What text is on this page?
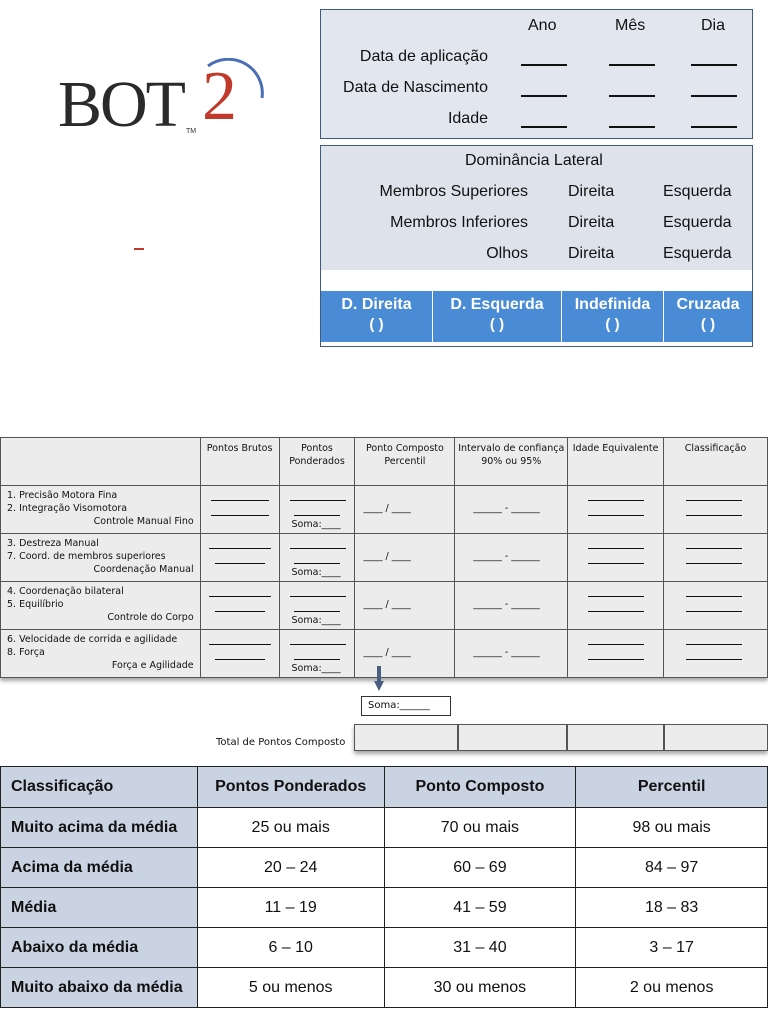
BOT 2
TM
Ano	Mês	Dia
Data de aplicação
Data de Nascimento
Idade
Dominância Lateral
Membros Superiores	Direita	Esquerda
Membros Inferiores	Direita	Esquerda
Olhos	Direita	Esquerda
D. Direita
( )
D. Esquerda
( )
Indefinida
( )
Cruzada
( )
	Pontos Brutos	Pontos Ponderados	Ponto Composto Percentil	Intervalo de confiança 90% ou 95%	Idade Equivalente	Classificação

1. Precisão Motora Fina
2. Integração Visomotora
Controle Manual Fino		Soma:____	____ / ____	______ - ______		

3. Destreza Manual
7. Coord. de membros superiores
Coordenação Manual		Soma:____	____ / ____	______ - ______		

4. Coordenação bilateral
5. Equilíbrio
Controle do Corpo		Soma:____	____ / ____	______ - ______		

6. Velocidade de corrida e agilidade
8. Força
Força e Agilidade		Soma:____	____ / ____	______ - ______		

Soma:______
Total de Pontos Composto
Classificação	Pontos Ponderados	Ponto Composto	Percentil
Muito acima da média	25 ou mais	70 ou mais	98 ou mais
Acima da média	20 – 24	60 – 69	84 – 97
Média	11 – 19	41 – 59	18 – 83
Abaixo da média	6 – 10	31 – 40	3 – 17
Muito abaixo da média	5 ou menos	30 ou menos	2 ou menos
